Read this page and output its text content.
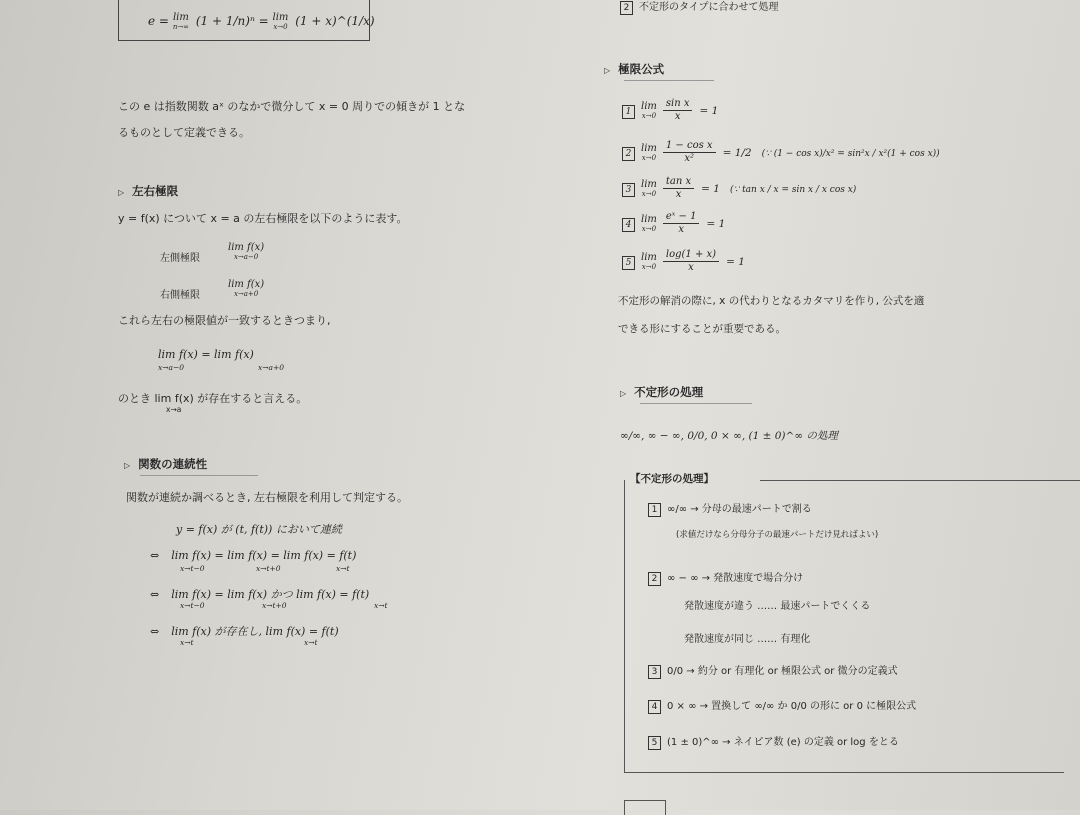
e = lim
n→∞ (1 + 1/n)ⁿ = lim
x→0 (1 + x)^(1/x)
この e は指数関数 aˣ のなかで微分して x = 0 周りでの傾きが 1 とな
るものとして定義できる。
▷ 左右極限
y = f(x) について x = a の左右極限を以下のように表す。
左側極限
lim f(x)
x→a−0
右側極限
lim f(x)
x→a+0
これら左右の極限値が一致するときつまり,
lim f(x) = lim f(x)
x→a−0	x→a+0
のとき lim f(x) が存在すると言える。
x→a
▷ 関数の連続性
関数が連続か調べるとき, 左右極限を利用して判定する。
y = f(x) が (t, f(t)) において連続
⇔ lim f(x) = lim f(x) = lim f(x) = f(t)
x→t−0	x→t+0	x→t
⇔ lim f(x) = lim f(x) かつ lim f(x) = f(t)
x→t−0	x→t+0	x→t
⇔ lim f(x) が存在し, lim f(x) = f(t)
x→t	x→t
2 不定形のタイプに合わせて処理
▷ 極限公式
1 lim
$x\to 0 \frac{\text{sin x}}{x} = 1$
2 lim
$x\to 0 \frac{\text{1 − cos x}}{\text{x²}} = 1/2$ (∵ (1 − cos x)/x² = sin²x / x²(1 + cos x))
3 lim
$x\to 0 \frac{\text{tan x}}{x} = 1$ (∵ tan x / x = sin x / x cos x)
4 lim
$x\to 0 \frac{\text{eˣ − 1}}{x} = 1$
5 lim
$x\to 0 \frac{\log(1 + x)}{x} = 1$
不定形の解消の際に, x の代わりとなるカタマリを作り, 公式を適
できる形にすることが重要である。
▷ 不定形の処理
∞/∞, ∞ − ∞, 0/0, 0 × ∞, (1 ± 0)^∞ の処理
【不定形の処理】
1 ∞/∞ → 分母の最速パートで割る
(求値だけなら分母分子の最速パートだけ見ればよい)
2 ∞ − ∞ → 発散速度で場合分け
発散速度が違う …… 最速パートでくくる
発散速度が同じ …… 有理化
3 0/0 → 約分 or 有理化 or 極限公式 or 微分の定義式
4 0 × ∞ → 置換して ∞/∞ か 0/0 の形に or 0 に極限公式
5 (1 ± 0)^∞ → ネイピア数 (e) の定義 or log をとる
